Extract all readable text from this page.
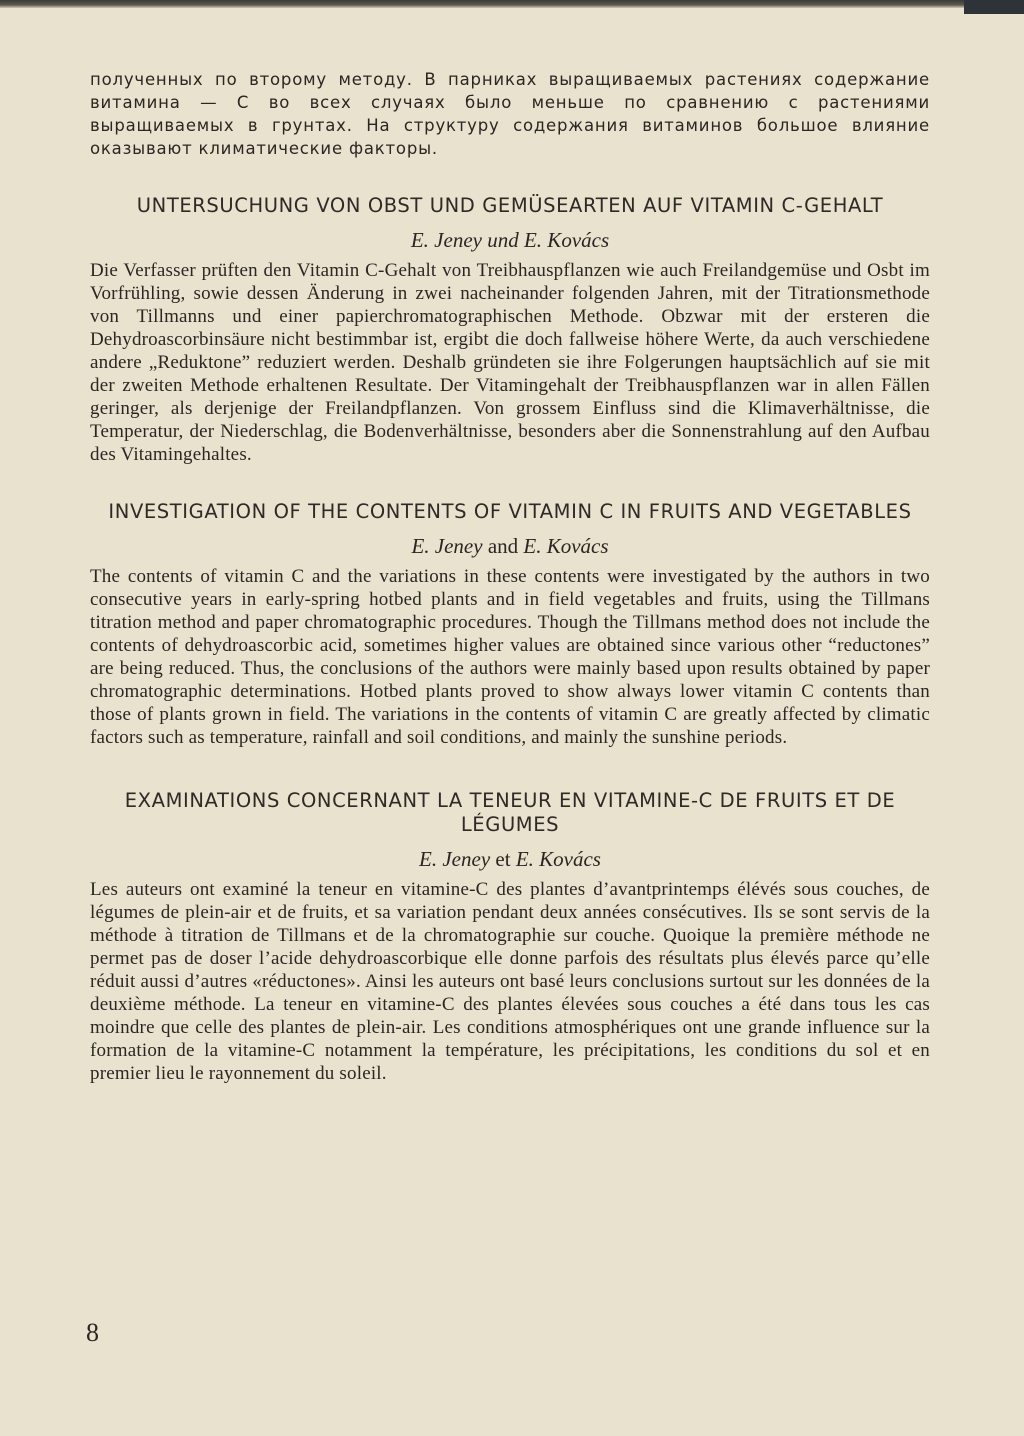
полученных по второму методу. В парниках выращиваемых растениях содержание витамина — С во всех случаях было меньше по сравнению с растениями выращиваемых в грунтах. На структуру содержания витаминов большое влияние оказывают климатические факторы.

UNTERSUCHUNG VON OBST UND GEMÜSEARTEN AUF VITAMIN C-GEHALT

E. Jeney und E. Kovács

Die Verfasser prüften den Vitamin C-Gehalt von Treibhauspflanzen wie auch Freilandgemüse und Osbt im Vorfrühling, sowie dessen Änderung in zwei nacheinander folgenden Jahren, mit der Titrationsmethode von Tillmanns und einer papierchromatographischen Methode. Obzwar mit der ersteren die Dehydroascorbinsäure nicht bestimmbar ist, ergibt die doch fallweise höhere Werte, da auch verschiedene andere „Reduktone” reduziert werden. Deshalb gründeten sie ihre Folgerungen hauptsächlich auf sie mit der zweiten Methode erhaltenen Resultate. Der Vitamingehalt der Treibhauspflanzen war in allen Fällen geringer, als derjenige der Freilandpflanzen. Von grossem Einfluss sind die Klimaverhältnisse, die Temperatur, der Niederschlag, die Bodenverhältnisse, besonders aber die Sonnenstrahlung auf den Aufbau des Vitamingehaltes.

INVESTIGATION OF THE CONTENTS OF VITAMIN C IN FRUITS AND VEGETABLES

E. Jeney and E. Kovács

The contents of vitamin C and the variations in these contents were investigated by the authors in two consecutive years in early-spring hotbed plants and in field vegetables and fruits, using the Tillmans titration method and paper chromatographic procedures. Though the Tillmans method does not include the contents of dehydroascorbic acid, sometimes higher values are obtained since various other “reductones” are being reduced. Thus, the conclusions of the authors were mainly based upon results obtained by paper chromatographic determinations. Hotbed plants proved to show always lower vitamin C contents than those of plants grown in field. The variations in the contents of vitamin C are greatly affected by climatic factors such as temperature, rainfall and soil conditions, and mainly the sunshine periods.

EXAMINATIONS CONCERNANT LA TENEUR EN VITAMINE-C DE FRUITS ET DE LÉGUMES

E. Jeney et E. Kovács

Les auteurs ont examiné la teneur en vitamine-C des plantes d’avantprintemps élévés sous couches, de légumes de plein-air et de fruits, et sa variation pendant deux années consécutives. Ils se sont servis de la méthode à titration de Tillmans et de la chromatographie sur couche. Quoique la première méthode ne permet pas de doser l’acide dehydroascorbique elle donne parfois des résultats plus élevés parce qu’elle réduit aussi d’autres «réductones». Ainsi les auteurs ont basé leurs conclusions surtout sur les données de la deuxième méthode. La teneur en vitamine-C des plantes élevées sous couches a été dans tous les cas moindre que celle des plantes de plein-air. Les conditions atmosphériques ont une grande influence sur la formation de la vitamine-C notamment la température, les précipitations, les conditions du sol et en premier lieu le rayonnement du soleil.

8
